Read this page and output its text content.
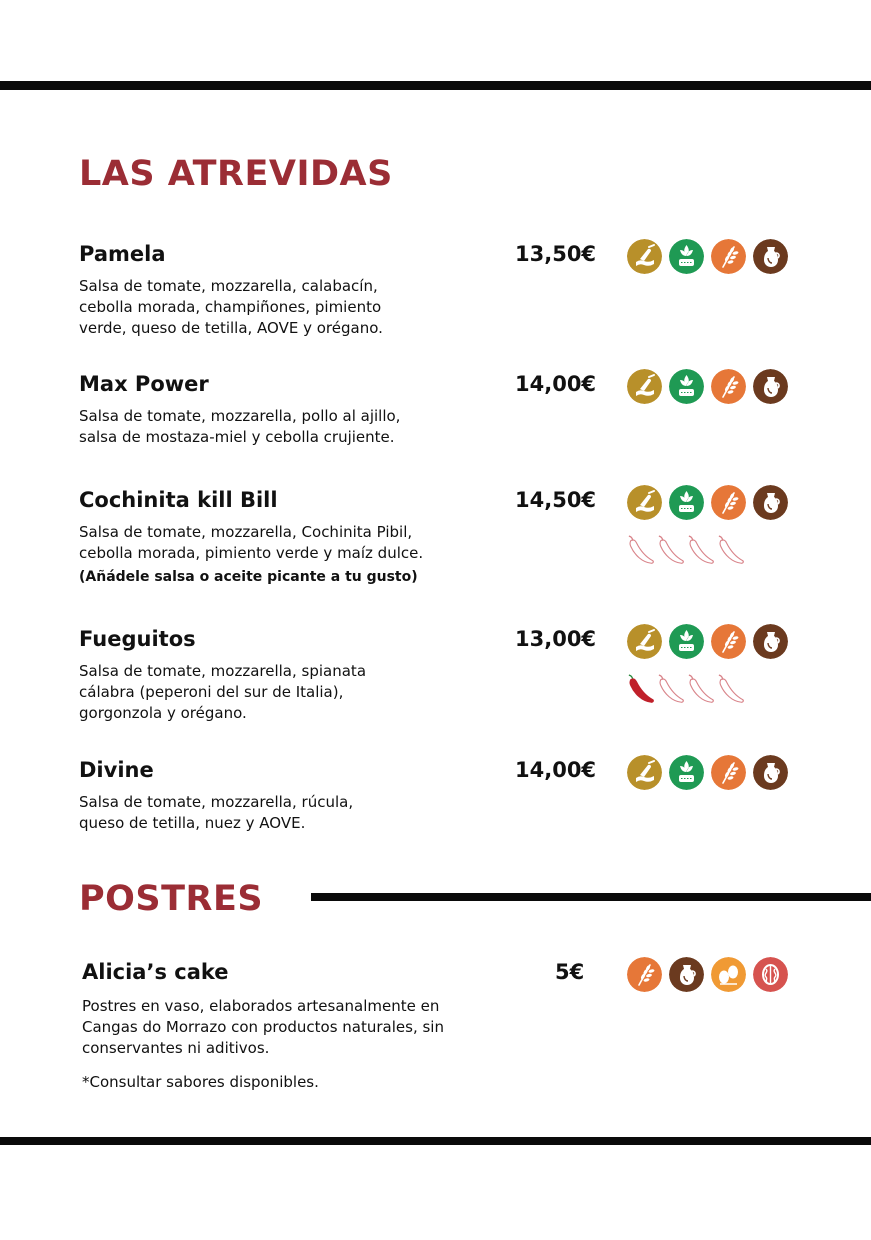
LAS ATREVIDAS
Pamela	13,50€
Salsa de tomate, mozzarella, calabacín,
cebolla morada, champiñones, pimiento
verde, queso de tetilla, AOVE y orégano.
Max Power	14,00€
Salsa de tomate, mozzarella, pollo al ajillo,
salsa de mostaza-miel y cebolla crujiente.
Cochinita kill Bill	14,50€
Salsa de tomate, mozzarella, Cochinita Pibil,
cebolla morada, pimiento verde y maíz dulce.
(Añádele salsa o aceite picante a tu gusto)
Fueguitos	13,00€
Salsa de tomate, mozzarella, spianata
cálabra (peperoni del sur de Italia),
gorgonzola y orégano.
Divine	14,00€
Salsa de tomate, mozzarella, rúcula,
queso de tetilla, nuez y AOVE.
POSTRES
Alicia’s cake	5€
Postres en vaso, elaborados artesanalmente en
Cangas do Morrazo con productos naturales, sin
conservantes ni aditivos.
*Consultar sabores disponibles.
